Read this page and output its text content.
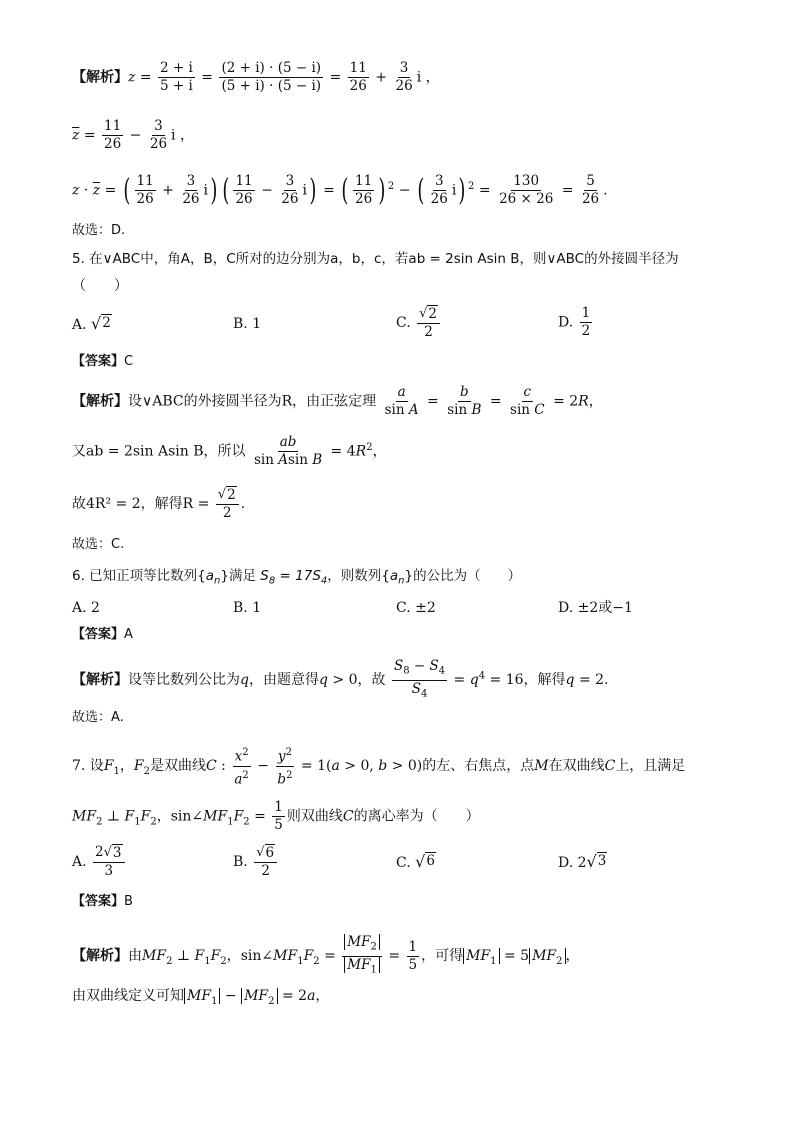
【解析】$z = \frac{2 + i}{5 + i} = \frac{(2 + i) \cdot (5 - i)}{(5 + i) \cdot (5 - i)} = \frac{11}{26} + \frac{3}{26}$ i ，
$\overline{z} = \frac{11}{26} - \frac{3}{26}$ i ，
$z \cdot \overline{z}$ = ( $\frac{11}{26} + \frac{3}{26} i$) ( $\frac{11}{26} - \frac{3}{26} i$) = ( $\frac{11}{26}$ ) $^2$ − ( $\frac{3}{26} i$) $^2 = \frac{130}{26 \times 26} = \frac{5}{26}$ .
故选：D.
5. 在∨ABC中，角A，B，C所对的边分别为a，b，c，若ab = 2sin Asin B，则∨ABC的外接圆半径为
（　　）
A. √ 2	B. 1	C. $\frac{√ 2}{2}$	D. $\frac{1}{2}$
【答案】C
【解析】设∨ABC的外接圆半径为R，由正弦定理 $\frac{a}{\text{sin A}} = \frac{b}{\text{sin B}} = \frac{c}{\text{sin C}} = 2R$，
又ab = 2sin Asin B，所以 $\frac{ab}{\text{sin Asin B}} = 4R^2$，
故4R² = 2，解得$R = \frac{√ 2}{2}$ .
故选：C.
6. 已知正项等比数列$\{a_n\}$满足 $S_8 = 17S_4$，则数列$\{a_n\}$的公比为（　　）
A. 2	B. 1	C. ±2	D. ±2或−1
【答案】A
【解析】设等比数列公比为q，由题意得q > 0，故 $\frac{S_8 - S_4}{S_4} = q^4 = 16$，解得q = 2.
故选：A.
7. 设$F_1$，$F_2$是双曲线C : $\frac{x^2}{a^2} - \frac{y^2}{b^2} = 1(a > 0$, b > 0)的左、右焦点，点M在双曲线C上，且满足
$MF_2$ ⊥ $F_1F_2$，$\sin\angle MF_1F_2 = \frac{1}{5}$ 则双曲线C的离心率为（　　）
A. $\frac{2 √ 3}{3}$	B. $\frac{√ 6}{2}$	C. √ 6	D. 2 √ 3
【答案】B
【解析】由$MF_2$ ⊥ $F_1F_2$，$\sin\angle MF_1F_2 = \frac{MF_2}{MF_1} = \frac{1}{5}$ ，可得 $MF_1 = 5$ $MF_2$ ，
由双曲线定义可知 $MF_1 - MF_2 = 2a$，
